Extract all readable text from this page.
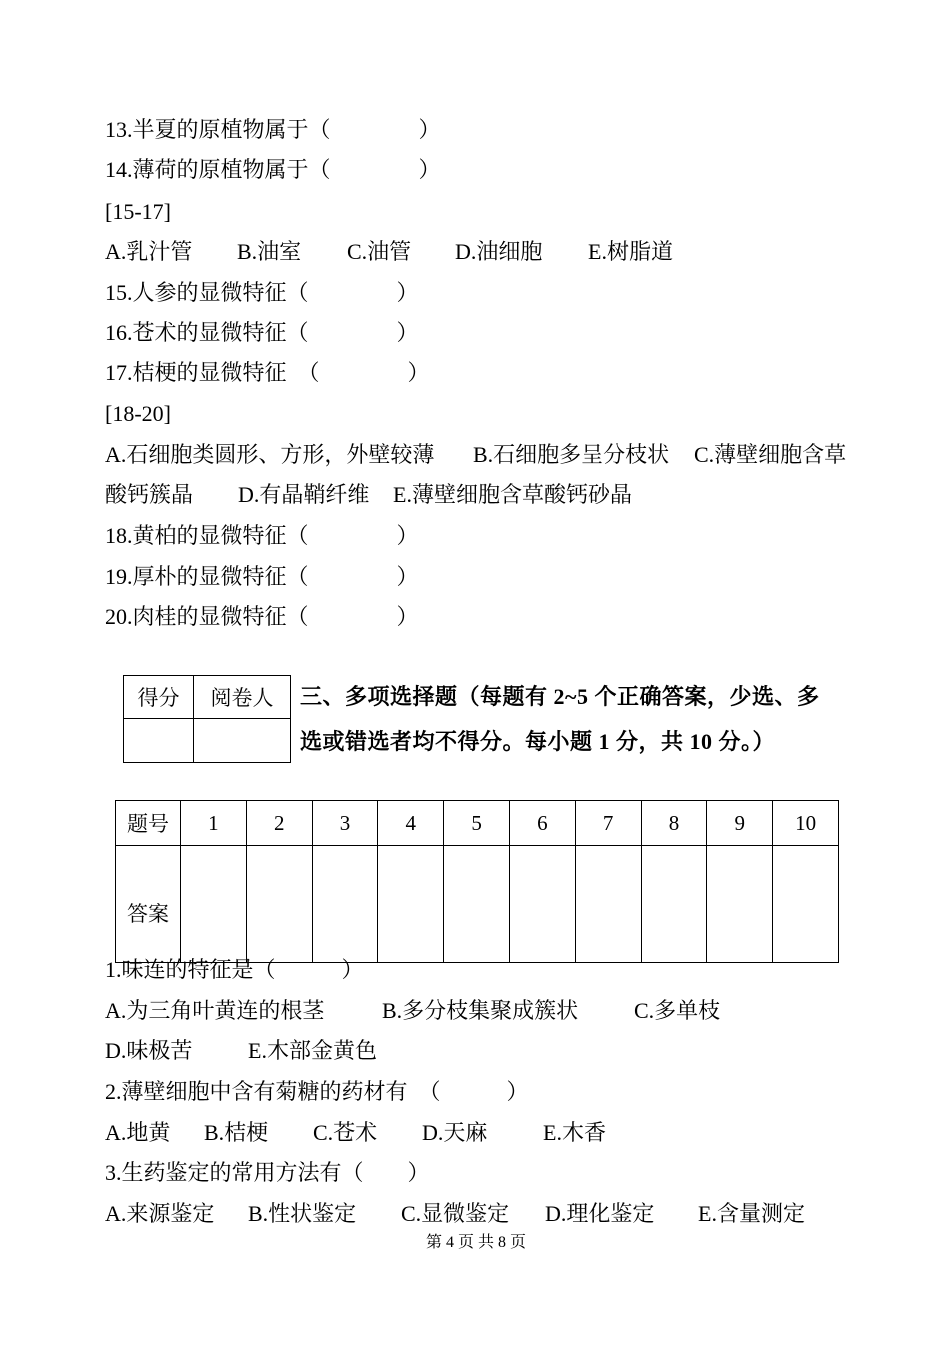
13.半夏的原植物属于（　　　　）
14.薄荷的原植物属于（　　　　）
[15-17]
A.乳汁管 B.油室 C.油管 D.油细胞 E.树脂道
15.人参的显微特征（　　　　）
16.苍术的显微特征（　　　　）
17.桔梗的显微特征  （　　　　）
[18-20]
A.石细胞类圆形、方形，外壁较薄 B.石细胞多呈分枝状 C.薄壁细胞含草
酸钙簇晶 D.有晶鞘纤维 E.薄壁细胞含草酸钙砂晶
18.黄柏的显微特征（　　　　）
19.厚朴的显微特征（　　　　）
20.肉桂的显微特征（　　　　）
得分	阅卷人
	三、多项选择题（每题有 2~5 个正确答案，少选、多
选或错选者均不得分。每小题 1 分，共 10 分。）
题号	1	2	3	4	5	6	7	8	9	10
答案										
1.味连的特征是（　　　）
A.为三角叶黄连的根茎	B.多分枝集聚成簇状	C.多单枝
D.味极苦	E.木部金黄色
2.薄壁细胞中含有菊糖的药材有  （　　　）
A.地黄 B.桔梗 C.苍术 D.天麻	E.木香
3.生药鉴定的常用方法有（　　）
A.来源鉴定 B.性状鉴定 C.显微鉴定 D.理化鉴定 E.含量测定
第 4 页 共 8 页
